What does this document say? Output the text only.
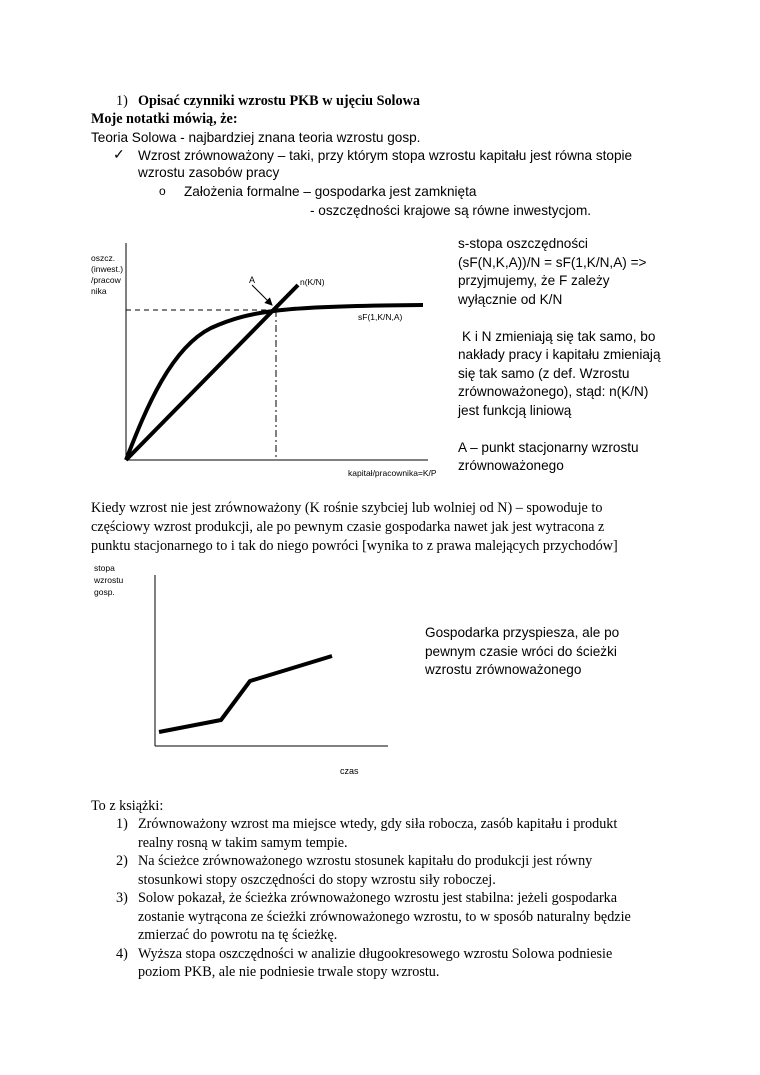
1) Opisać czynniki wzrostu PKB w ujęciu Solowa
Moje notatki mówią, że:
Teoria Solowa - najbardziej znana teoria wzrostu gosp.
✓ Wzrost zrównoważony – taki, przy którym stopa wzrostu kapitału jest równa stopie
wzrostu zasobów pracy
o Założenia formalne – gospodarka jest zamknięta
- oszczędności krajowe są równe inwestycjom.
oszcz.
(inwest.)
/pracow
nika
A	n(K/N)
sF(1,K/N,A)
kapitał/pracownika=K/P
s-stopa oszczędności
(sF(N,K,A))/N = sF(1,K/N,A) =>
przyjmujemy, że F zależy
wyłącznie od K/N
K i N zmieniają się tak samo, bo
nakłady pracy i kapitału zmieniają
się tak samo (z def. Wzrostu
zrównoważonego), stąd: n(K/N)
jest funkcją liniową
A – punkt stacjonarny wzrostu
zrównoważonego
Kiedy wzrost nie jest zrównoważony (K rośnie szybciej lub wolniej od N) – spowoduje to
częściowy wzrost produkcji, ale po pewnym czasie gospodarka nawet jak jest wytracona z
punktu stacjonarnego to i tak do niego powróci [wynika to z prawa malejących przychodów]
stopa
wzrostu
gosp.
czas
Gospodarka przyspiesza, ale po
pewnym czasie wróci do ścieżki
wzrostu zrównoważonego
To z książki:
1) Zrównoważony wzrost ma miejsce wtedy, gdy siła robocza, zasób kapitału i produkt
realny rosną w takim samym tempie.
2) Na ścieżce zrównoważonego wzrostu stosunek kapitału do produkcji jest równy
stosunkowi stopy oszczędności do stopy wzrostu siły roboczej.
3) Solow pokazał, że ścieżka zrównoważonego wzrostu jest stabilna: jeżeli gospodarka
zostanie wytrącona ze ścieżki zrównoważonego wzrostu, to w sposób naturalny będzie
zmierzać do powrotu na tę ścieżkę.
4) Wyższa stopa oszczędności w analizie długookresowego wzrostu Solowa podniesie
poziom PKB, ale nie podniesie trwale stopy wzrostu.
